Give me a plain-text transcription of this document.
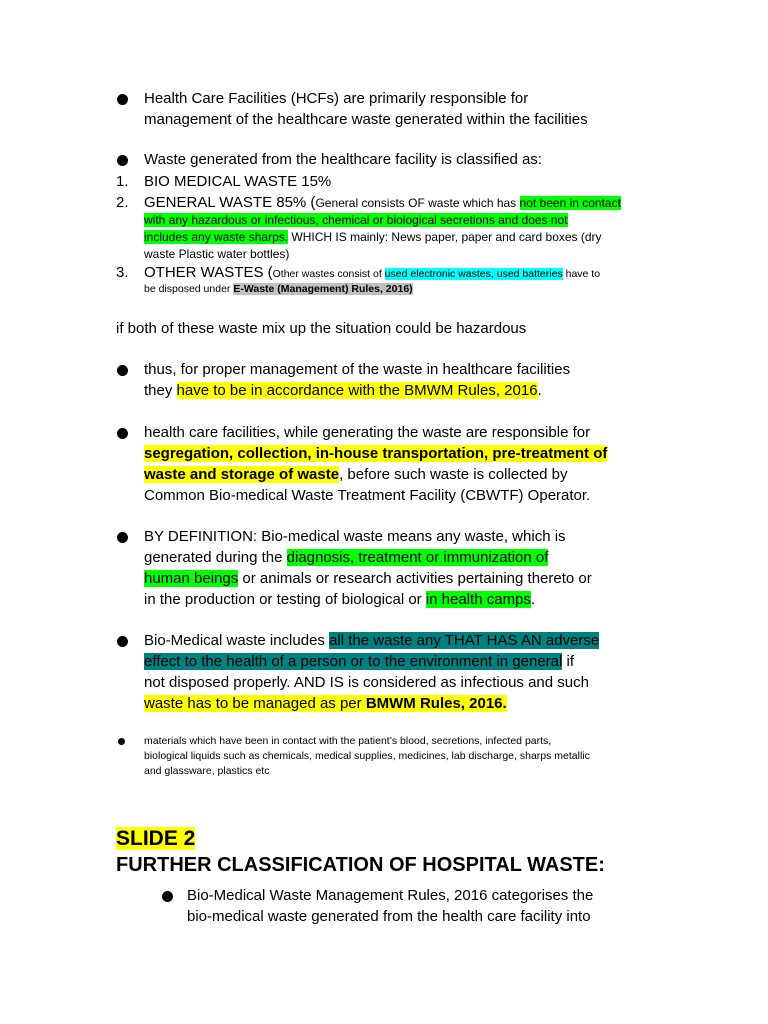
Health Care Facilities (HCFs) are primarily responsible for
management of the healthcare waste generated within the facilities
Waste generated from the healthcare facility is classified as:
1. BIO MEDICAL WASTE 15%
2. GENERAL WASTE 85% (General consists OF waste which has not been in contact
with any hazardous or infectious, chemical or biological secretions and does not
includes any waste sharps. WHICH IS mainly: News paper, paper and card boxes (dry
waste Plastic water bottles)
3. OTHER WASTES (Other wastes consist of used electronic wastes, used batteries have to
be disposed under E-Waste (Management) Rules, 2016)
if both of these waste mix up the situation could be hazardous
thus, for proper management of the waste in healthcare facilities
they have to be in accordance with the BMWM Rules, 2016.
health care facilities, while generating the waste are responsible for
segregation, collection, in-house transportation, pre-treatment of
waste and storage of waste, before such waste is collected by
Common Bio-medical Waste Treatment Facility (CBWTF) Operator.
BY DEFINITION: Bio-medical waste means any waste, which is
generated during the diagnosis, treatment or immunization of
human beings or animals or research activities pertaining thereto or
in the production or testing of biological or in health camps.
Bio-Medical waste includes all the waste any THAT HAS AN adverse
effect to the health of a person or to the environment in general if
not disposed properly. AND IS is considered as infectious and such
waste has to be managed as per BMWM Rules, 2016.
materials which have been in contact with the patient’s blood, secretions, infected parts,
biological liquids such as chemicals, medical supplies, medicines, lab discharge, sharps metallic
and glassware, plastics etc
SLIDE 2
FURTHER CLASSIFICATION OF HOSPITAL WASTE:
Bio-Medical Waste Management Rules, 2016 categorises the
bio-medical waste generated from the health care facility into
